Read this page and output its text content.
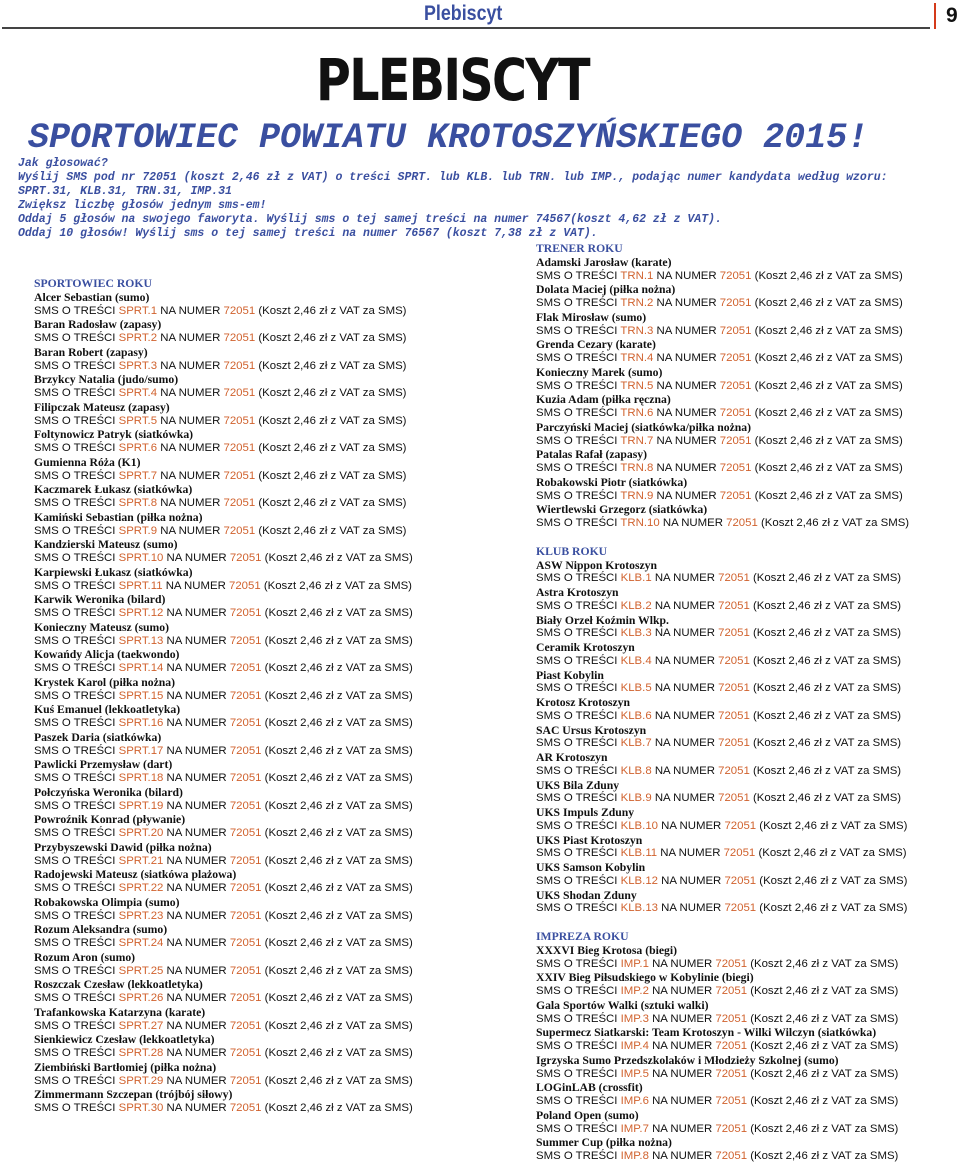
Plebiscyt	9
PLEBISCYT
SPORTOWIEC POWIATU KROTOSZYŃSKIEGO 2015!
Jak głosować?
Wyślij SMS pod nr 72051 (koszt 2,46 zł z VAT) o treści SPRT. lub KLB. lub TRN. lub IMP., podając numer kandydata według wzoru:
SPRT.31, KLB.31, TRN.31, IMP.31
Zwiększ liczbę głosów jednym sms-em!
Oddaj 5 głosów na swojego faworyta. Wyślij sms o tej samej treści na numer 74567(koszt 4,62 zł z VAT).
Oddaj 10 głosów! Wyślij sms o tej samej treści na numer 76567 (koszt 7,38 zł z VAT).
SPORTOWIEC ROKU
Alcer Sebastian (sumo)
SMS O TREŚCI SPRT.1 NA NUMER 72051 (Koszt 2,46 zł z VAT za SMS)
Baran Radosław (zapasy)
SMS O TREŚCI SPRT.2 NA NUMER 72051 (Koszt 2,46 zł z VAT za SMS)
Baran Robert (zapasy)
SMS O TREŚCI SPRT.3 NA NUMER 72051 (Koszt 2,46 zł z VAT za SMS)
Brzykcy Natalia (judo/sumo)
SMS O TREŚCI SPRT.4 NA NUMER 72051 (Koszt 2,46 zł z VAT za SMS)
Filipczak Mateusz (zapasy)
SMS O TREŚCI SPRT.5 NA NUMER 72051 (Koszt 2,46 zł z VAT za SMS)
Foltynowicz Patryk (siatkówka)
SMS O TREŚCI SPRT.6 NA NUMER 72051 (Koszt 2,46 zł z VAT za SMS)
Gumienna Róża (K1)
SMS O TREŚCI SPRT.7 NA NUMER 72051 (Koszt 2,46 zł z VAT za SMS)
Kaczmarek Łukasz (siatkówka)
SMS O TREŚCI SPRT.8 NA NUMER 72051 (Koszt 2,46 zł z VAT za SMS)
Kamiński Sebastian (piłka nożna)
SMS O TREŚCI SPRT.9 NA NUMER 72051 (Koszt 2,46 zł z VAT za SMS)
Kandzierski Mateusz (sumo)
SMS O TREŚCI SPRT.10 NA NUMER 72051 (Koszt 2,46 zł z VAT za SMS)
Karpiewski Łukasz (siatkówka)
SMS O TREŚCI SPRT.11 NA NUMER 72051 (Koszt 2,46 zł z VAT za SMS)
Karwik Weronika (bilard)
SMS O TREŚCI SPRT.12 NA NUMER 72051 (Koszt 2,46 zł z VAT za SMS)
Konieczny Mateusz (sumo)
SMS O TREŚCI SPRT.13 NA NUMER 72051 (Koszt 2,46 zł z VAT za SMS)
Kowańdy Alicja (taekwondo)
SMS O TREŚCI SPRT.14 NA NUMER 72051 (Koszt 2,46 zł z VAT za SMS)
Krystek Karol (piłka nożna)
SMS O TREŚCI SPRT.15 NA NUMER 72051 (Koszt 2,46 zł z VAT za SMS)
Kuś Emanuel (lekkoatletyka)
SMS O TREŚCI SPRT.16 NA NUMER 72051 (Koszt 2,46 zł z VAT za SMS)
Paszek Daria (siatkówka)
SMS O TREŚCI SPRT.17 NA NUMER 72051 (Koszt 2,46 zł z VAT za SMS)
Pawlicki Przemysław (dart)
SMS O TREŚCI SPRT.18 NA NUMER 72051 (Koszt 2,46 zł z VAT za SMS)
Połczyńska Weronika (bilard)
SMS O TREŚCI SPRT.19 NA NUMER 72051 (Koszt 2,46 zł z VAT za SMS)
Powroźnik Konrad (pływanie)
SMS O TREŚCI SPRT.20 NA NUMER 72051 (Koszt 2,46 zł z VAT za SMS)
Przybyszewski Dawid (piłka nożna)
SMS O TREŚCI SPRT.21 NA NUMER 72051 (Koszt 2,46 zł z VAT za SMS)
Radojewski Mateusz (siatkówa plażowa)
SMS O TREŚCI SPRT.22 NA NUMER 72051 (Koszt 2,46 zł z VAT za SMS)
Robakowska Olimpia (sumo)
SMS O TREŚCI SPRT.23 NA NUMER 72051 (Koszt 2,46 zł z VAT za SMS)
Rozum Aleksandra (sumo)
SMS O TREŚCI SPRT.24 NA NUMER 72051 (Koszt 2,46 zł z VAT za SMS)
Rozum Aron (sumo)
SMS O TREŚCI SPRT.25 NA NUMER 72051 (Koszt 2,46 zł z VAT za SMS)
Roszczak Czesław (lekkoatletyka)
SMS O TREŚCI SPRT.26 NA NUMER 72051 (Koszt 2,46 zł z VAT za SMS)
Trafankowska Katarzyna (karate)
SMS O TREŚCI SPRT.27 NA NUMER 72051 (Koszt 2,46 zł z VAT za SMS)
Sienkiewicz Czesław (lekkoatletyka)
SMS O TREŚCI SPRT.28 NA NUMER 72051 (Koszt 2,46 zł z VAT za SMS)
Ziembiński Bartłomiej (piłka nożna)
SMS O TREŚCI SPRT.29 NA NUMER 72051 (Koszt 2,46 zł z VAT za SMS)
Zimmermann Szczepan (trójbój siłowy)
SMS O TREŚCI SPRT.30 NA NUMER 72051 (Koszt 2,46 zł z VAT za SMS)
TRENER ROKU
Adamski Jarosław (karate)
SMS O TREŚCI TRN.1 NA NUMER 72051 (Koszt 2,46 zł z VAT za SMS)
Dolata Maciej (piłka nożna)
SMS O TREŚCI TRN.2 NA NUMER 72051 (Koszt 2,46 zł z VAT za SMS)
Flak Mirosław (sumo)
SMS O TREŚCI TRN.3 NA NUMER 72051 (Koszt 2,46 zł z VAT za SMS)
Grenda Cezary (karate)
SMS O TREŚCI TRN.4 NA NUMER 72051 (Koszt 2,46 zł z VAT za SMS)
Konieczny Marek (sumo)
SMS O TREŚCI TRN.5 NA NUMER 72051 (Koszt 2,46 zł z VAT za SMS)
Kuzia Adam (piłka ręczna)
SMS O TREŚCI TRN.6 NA NUMER 72051 (Koszt 2,46 zł z VAT za SMS)
Parczyński Maciej (siatkówka/piłka nożna)
SMS O TREŚCI TRN.7 NA NUMER 72051 (Koszt 2,46 zł z VAT za SMS)
Patalas Rafał (zapasy)
SMS O TREŚCI TRN.8 NA NUMER 72051 (Koszt 2,46 zł z VAT za SMS)
Robakowski Piotr (siatkówka)
SMS O TREŚCI TRN.9 NA NUMER 72051 (Koszt 2,46 zł z VAT za SMS)
Wiertlewski Grzegorz (siatkówka)
SMS O TREŚCI TRN.10 NA NUMER 72051 (Koszt 2,46 zł z VAT za SMS)
KLUB ROKU
ASW Nippon Krotoszyn
SMS O TREŚCI KLB.1 NA NUMER 72051 (Koszt 2,46 zł z VAT za SMS)
Astra Krotoszyn
SMS O TREŚCI KLB.2 NA NUMER 72051 (Koszt 2,46 zł z VAT za SMS)
Biały Orzeł Koźmin Wlkp.
SMS O TREŚCI KLB.3 NA NUMER 72051 (Koszt 2,46 zł z VAT za SMS)
Ceramik Krotoszyn
SMS O TREŚCI KLB.4 NA NUMER 72051 (Koszt 2,46 zł z VAT za SMS)
Piast Kobylin
SMS O TREŚCI KLB.5 NA NUMER 72051 (Koszt 2,46 zł z VAT za SMS)
Krotosz Krotoszyn
SMS O TREŚCI KLB.6 NA NUMER 72051 (Koszt 2,46 zł z VAT za SMS)
SAC Ursus Krotoszyn
SMS O TREŚCI KLB.7 NA NUMER 72051 (Koszt 2,46 zł z VAT za SMS)
AR Krotoszyn
SMS O TREŚCI KLB.8 NA NUMER 72051 (Koszt 2,46 zł z VAT za SMS)
UKS Bila Zduny
SMS O TREŚCI KLB.9 NA NUMER 72051 (Koszt 2,46 zł z VAT za SMS)
UKS Impuls Zduny
SMS O TREŚCI KLB.10 NA NUMER 72051 (Koszt 2,46 zł z VAT za SMS)
UKS Piast Krotoszyn
SMS O TREŚCI KLB.11 NA NUMER 72051 (Koszt 2,46 zł z VAT za SMS)
UKS Samson Kobylin
SMS O TREŚCI KLB.12 NA NUMER 72051 (Koszt 2,46 zł z VAT za SMS)
UKS Shodan Zduny
SMS O TREŚCI KLB.13 NA NUMER 72051 (Koszt 2,46 zł z VAT za SMS)
IMPREZA ROKU
XXXVI Bieg Krotosa (biegi)
SMS O TREŚCI IMP.1 NA NUMER 72051 (Koszt 2,46 zł z VAT za SMS)
XXIV Bieg Piłsudskiego w Kobylinie (biegi)
SMS O TREŚCI IMP.2 NA NUMER 72051 (Koszt 2,46 zł z VAT za SMS)
Gala Sportów Walki (sztuki walki)
SMS O TREŚCI IMP.3 NA NUMER 72051 (Koszt 2,46 zł z VAT za SMS)
Supermecz Siatkarski: Team Krotoszyn - Wilki Wilczyn (siatkówka)
SMS O TREŚCI IMP.4 NA NUMER 72051 (Koszt 2,46 zł z VAT za SMS)
Igrzyska Sumo Przedszkolaków i Młodzieży Szkolnej (sumo)
SMS O TREŚCI IMP.5 NA NUMER 72051 (Koszt 2,46 zł z VAT za SMS)
LOGinLAB (crossfit)
SMS O TREŚCI IMP.6 NA NUMER 72051 (Koszt 2,46 zł z VAT za SMS)
Poland Open (sumo)
SMS O TREŚCI IMP.7 NA NUMER 72051 (Koszt 2,46 zł z VAT za SMS)
Summer Cup (piłka nożna)
SMS O TREŚCI IMP.8 NA NUMER 72051 (Koszt 2,46 zł z VAT za SMS)
